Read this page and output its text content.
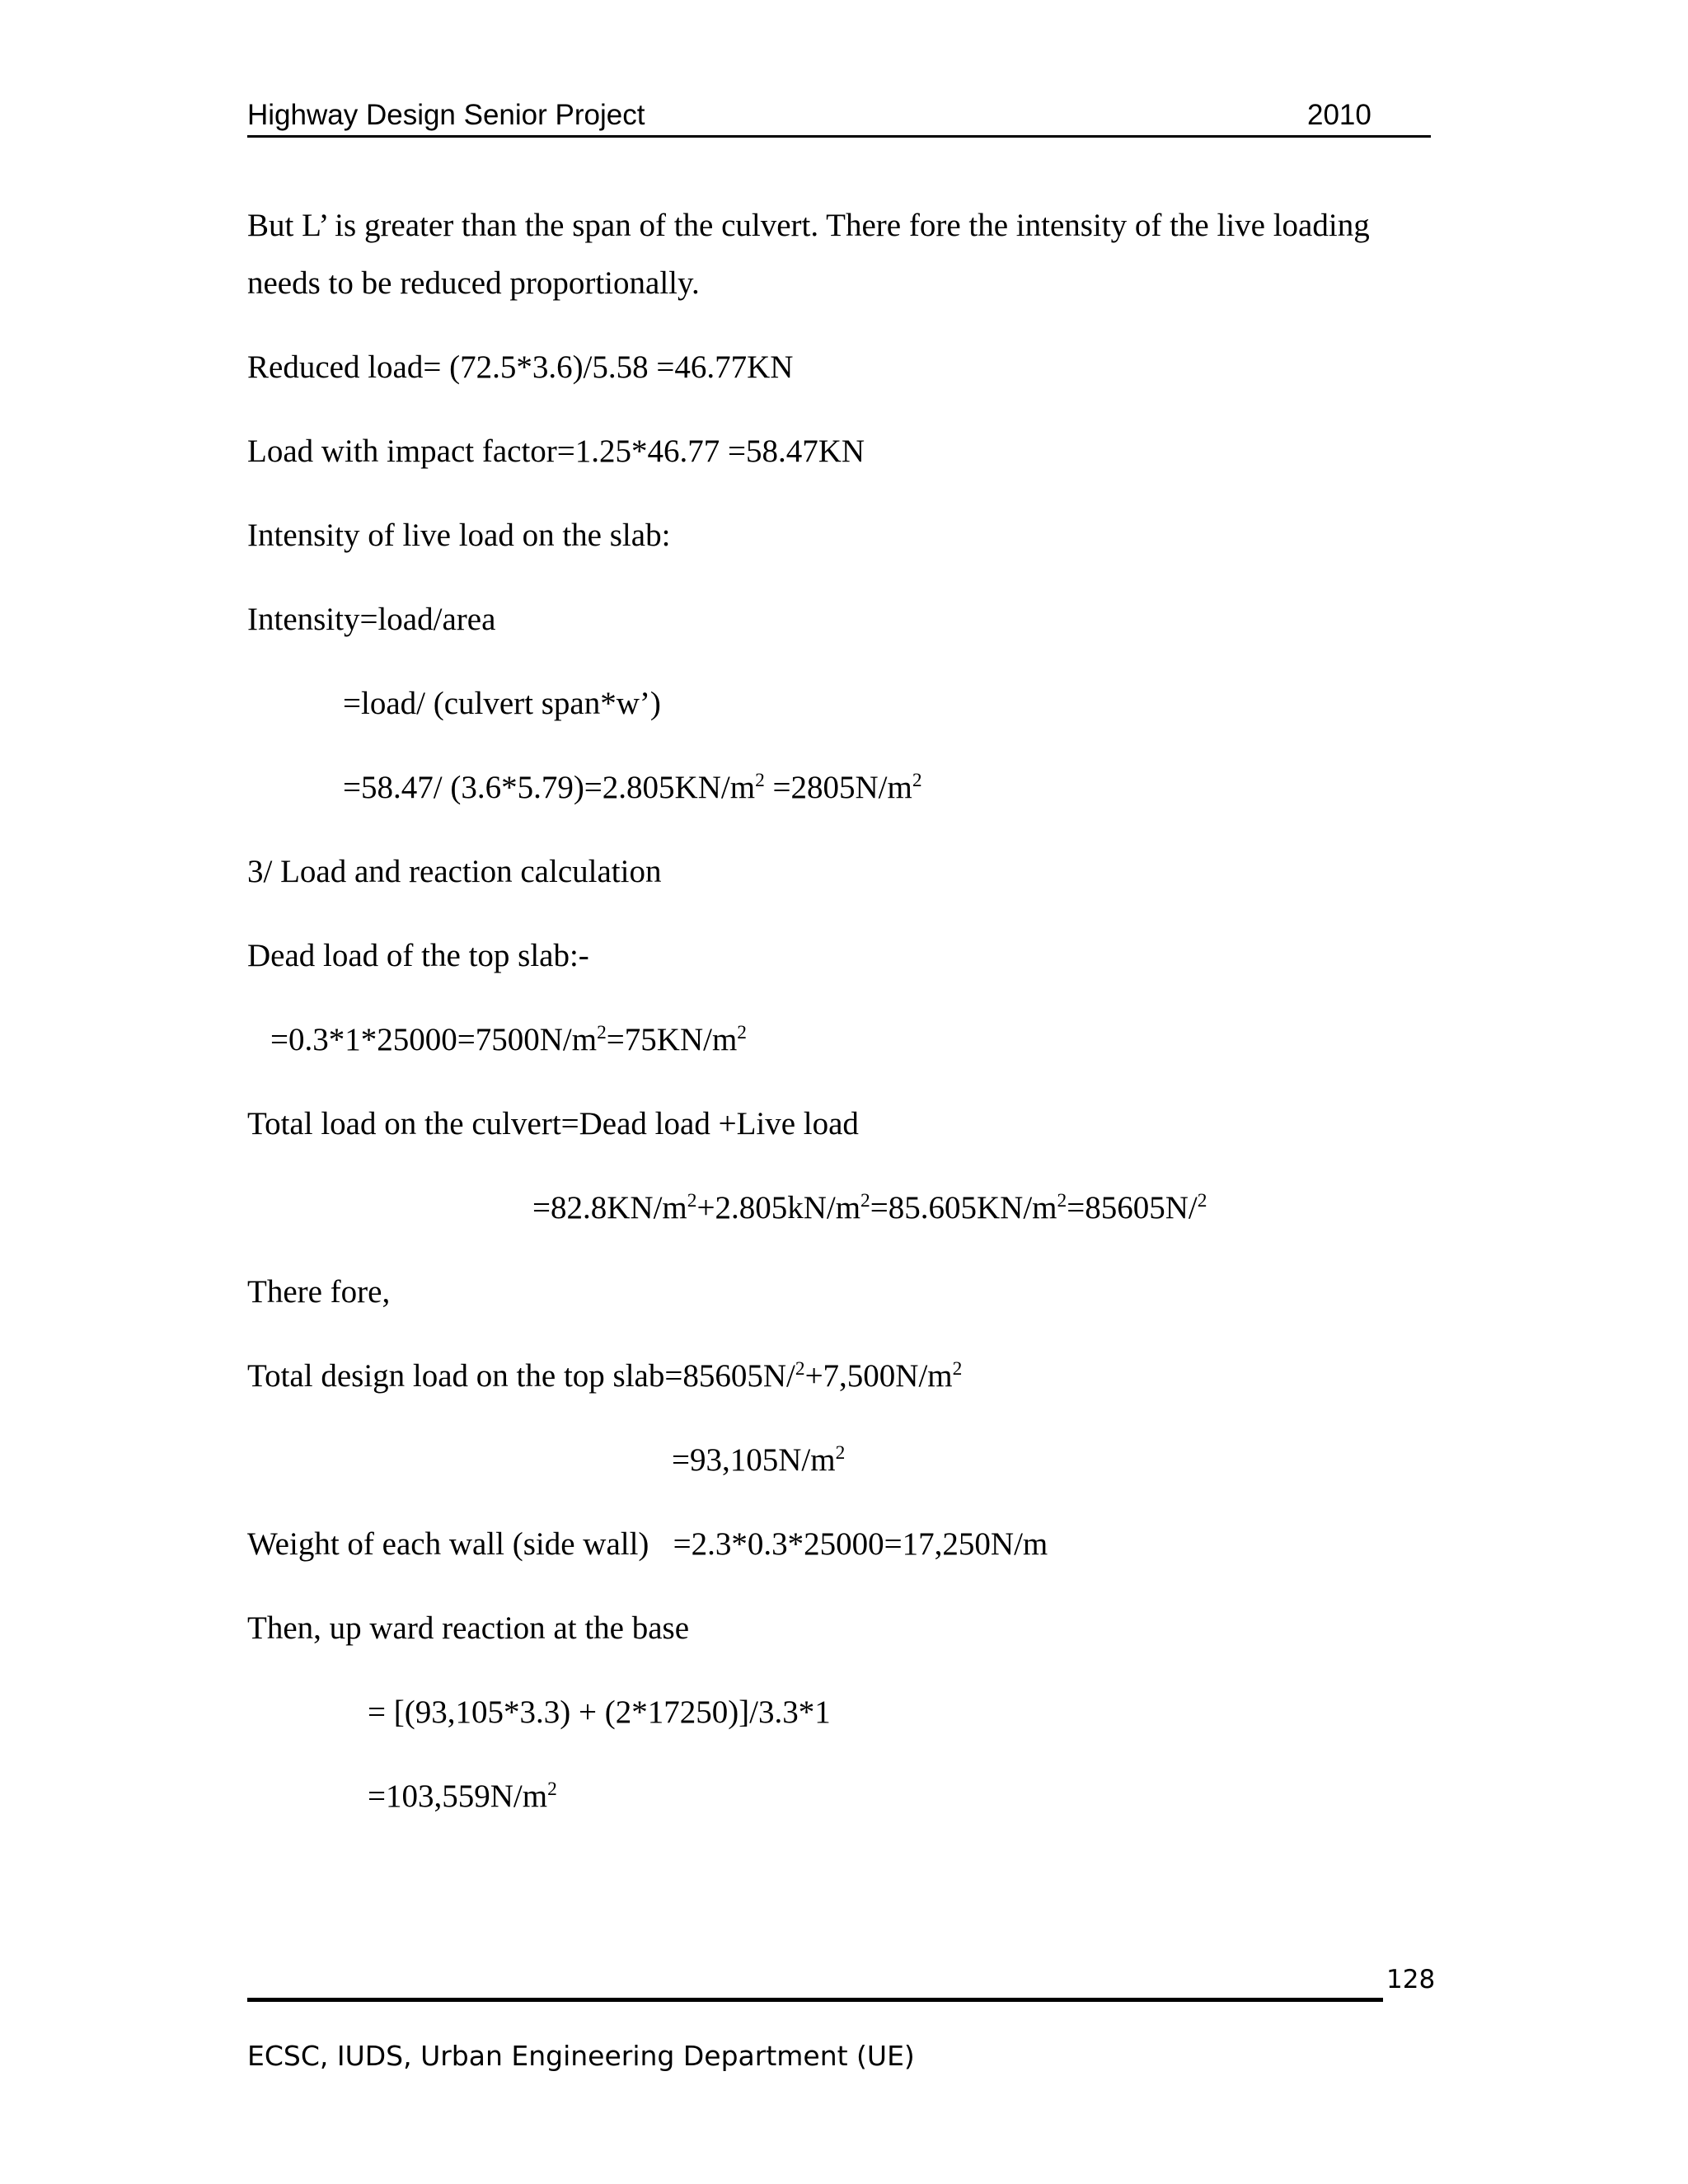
Highway Design Senior Project	2010
But L’ is greater than the span of the culvert. There fore the intensity of the live loading
needs to be reduced proportionally.
Reduced load= (72.5*3.6)/5.58 =46.77KN
Load with impact factor=1.25*46.77 =58.47KN
Intensity of live load on the slab:
Intensity=load/area
=load/ (culvert span*w’)
=58.47/ $(3.6*5.79)=2.805KN/m^2 =2805N/m^2$
3/ Load and reaction calculation
Dead load of the top slab:-
$=0.3*1*25000=7500N/m^2=75KN/m^2$
Total load on the culvert=Dead load +Live load
$=82.8KN/m^2+2.805kN/m^2=85.605KN/m^2=85605N/^2$
There fore,
Total design load on the top $slab=85605N/^2+7,500N/m^2$
$=93,105N/m^2$
Weight of each wall (side wall)   =2.3*0.3*25000=17,250N/m
Then, up ward reaction at the base
= [(93,105*3.3) + (2*17250)]/3.3*1
$=103,559N/m^2$
128
ECSC, IUDS, Urban Engineering Department (UE)
